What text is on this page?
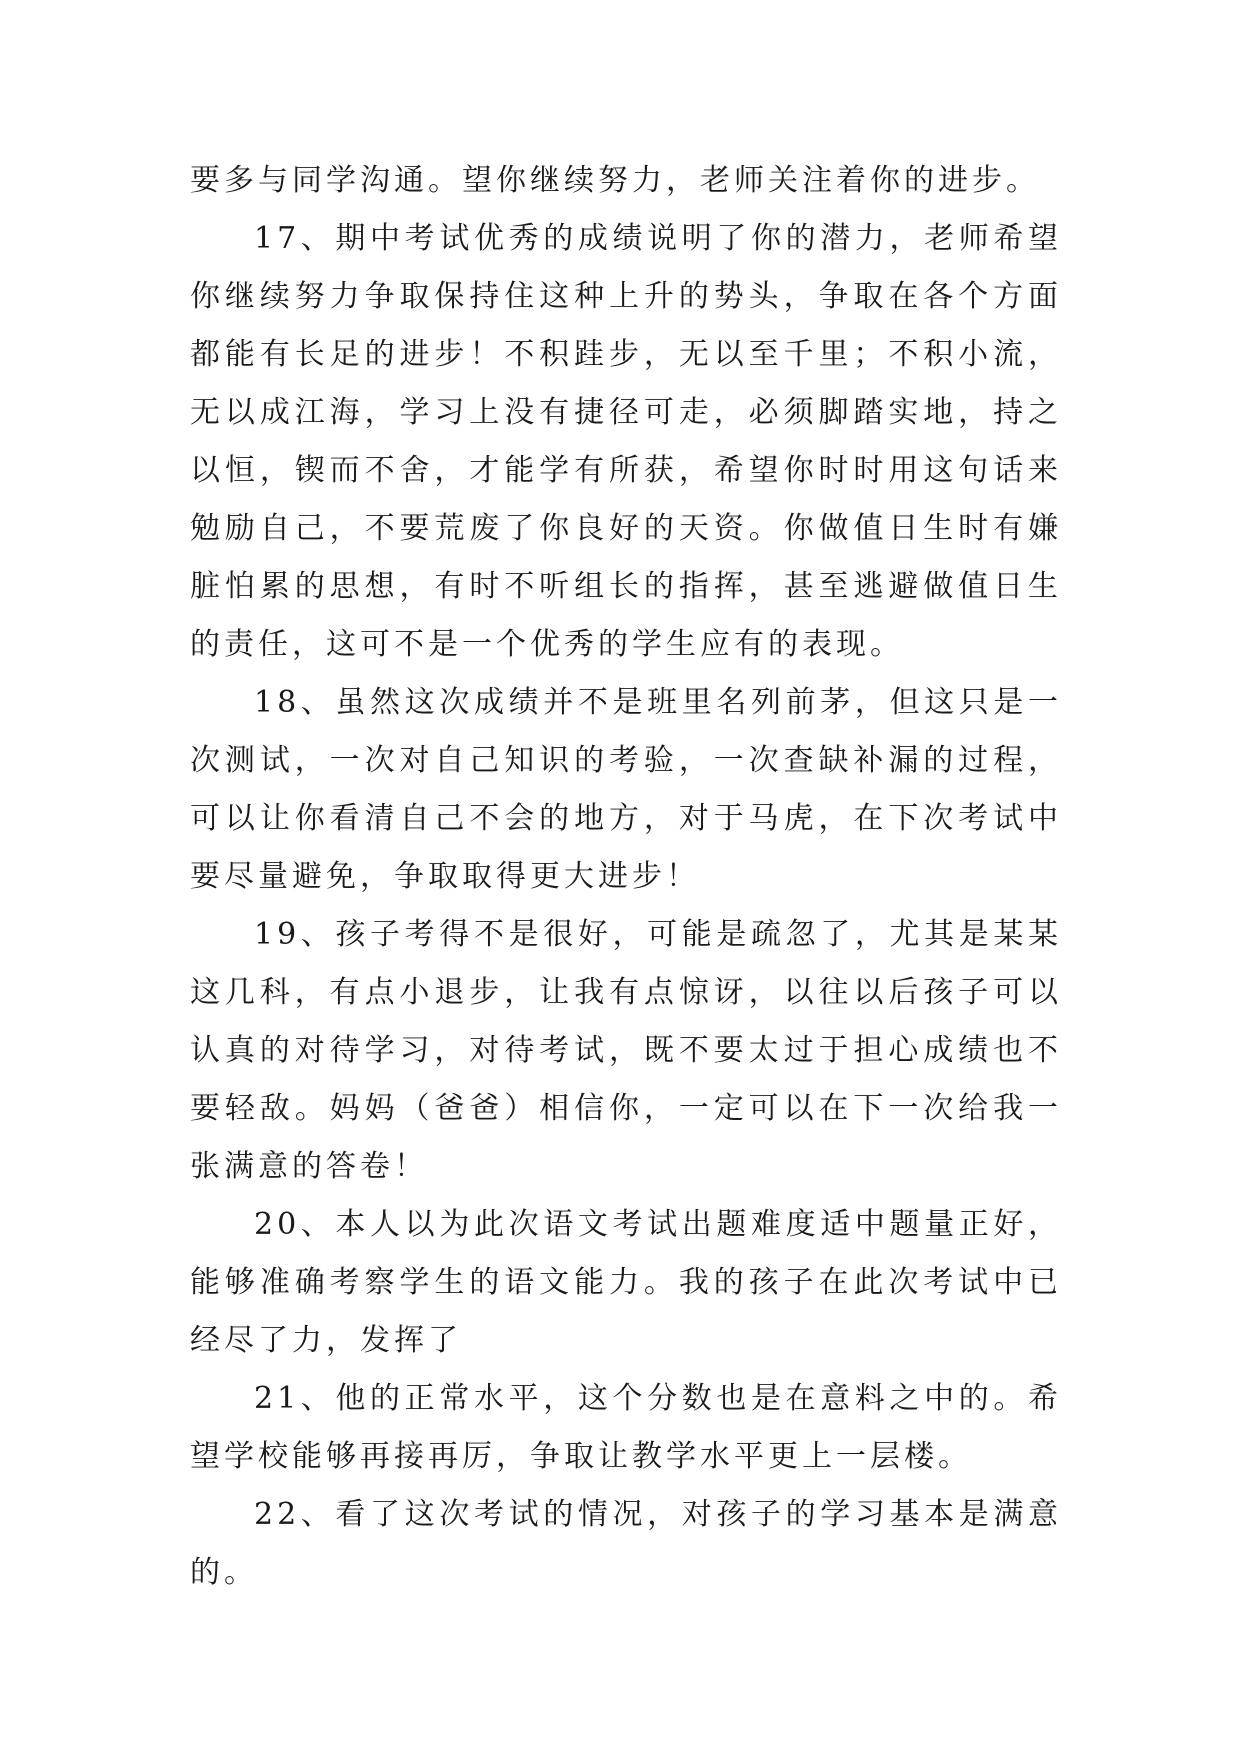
要多与同学沟通。望你继续努力，老师关注着你的进步。

17、期中考试优秀的成绩说明了你的潜力，老师希望你继续努力争取保持住这种上升的势头，争取在各个方面都能有长足的进步！不积跬步，无以至千里；不积小流，无以成江海，学习上没有捷径可走，必须脚踏实地，持之以恒，锲而不舍，才能学有所获，希望你时时用这句话来勉励自己，不要荒废了你良好的天资。你做值日生时有嫌脏怕累的思想，有时不听组长的指挥，甚至逃避做值日生的责任，这可不是一个优秀的学生应有的表现。

18、虽然这次成绩并不是班里名列前茅，但这只是一次测试，一次对自己知识的考验，一次查缺补漏的过程，可以让你看清自己不会的地方，对于马虎，在下次考试中要尽量避免，争取取得更大进步！

19、孩子考得不是很好，可能是疏忽了，尤其是某某这几科，有点小退步，让我有点惊讶，以往以后孩子可以认真的对待学习，对待考试，既不要太过于担心成绩也不要轻敌。妈妈（爸爸）相信你，一定可以在下一次给我一张满意的答卷！

20、本人以为此次语文考试出题难度适中题量正好，能够准确考察学生的语文能力。我的孩子在此次考试中已经尽了力，发挥了

21、他的正常水平，这个分数也是在意料之中的。希望学校能够再接再厉，争取让教学水平更上一层楼。

22、看了这次考试的情况，对孩子的学习基本是满意的。
